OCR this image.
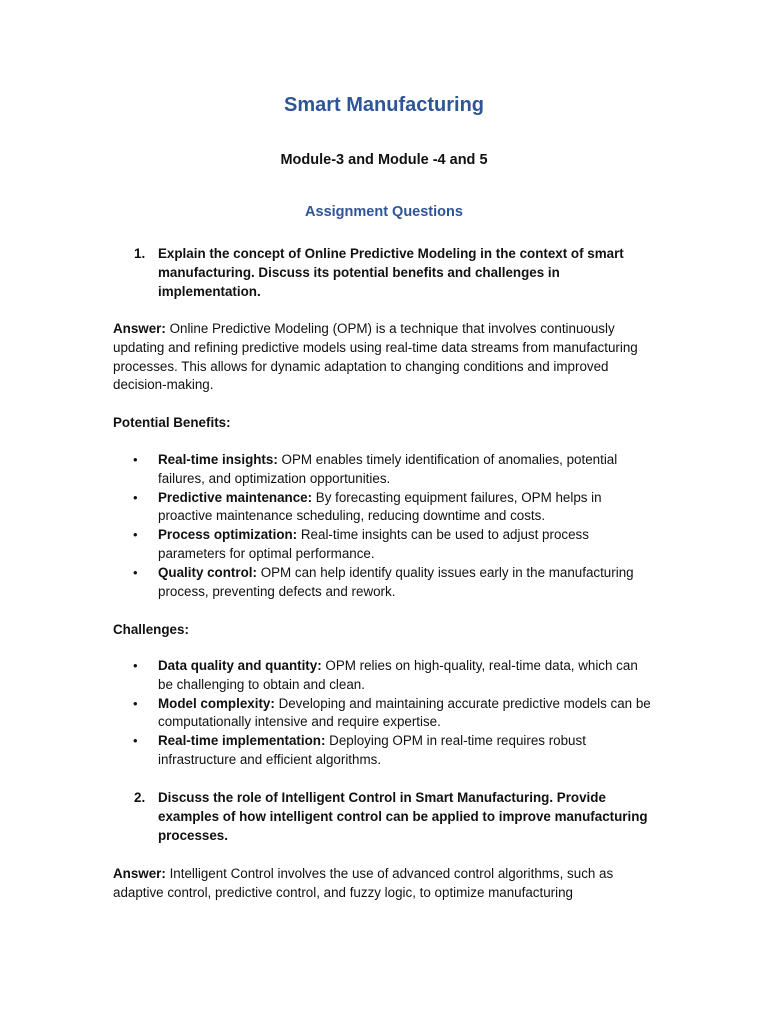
Smart Manufacturing
Module-3 and Module -4 and 5
Assignment Questions
1. Explain the concept of Online Predictive Modeling in the context of smart manufacturing. Discuss its potential benefits and challenges in implementation.
Answer: Online Predictive Modeling (OPM) is a technique that involves continuously updating and refining predictive models using real-time data streams from manufacturing processes. This allows for dynamic adaptation to changing conditions and improved decision-making.
Potential Benefits:
• Real-time insights: OPM enables timely identification of anomalies, potential failures, and optimization opportunities.
• Predictive maintenance: By forecasting equipment failures, OPM helps in proactive maintenance scheduling, reducing downtime and costs.
• Process optimization: Real-time insights can be used to adjust process parameters for optimal performance.
• Quality control: OPM can help identify quality issues early in the manufacturing process, preventing defects and rework.
Challenges:
• Data quality and quantity: OPM relies on high-quality, real-time data, which can be challenging to obtain and clean.
• Model complexity: Developing and maintaining accurate predictive models can be computationally intensive and require expertise.
• Real-time implementation: Deploying OPM in real-time requires robust infrastructure and efficient algorithms.
2. Discuss the role of Intelligent Control in Smart Manufacturing. Provide examples of how intelligent control can be applied to improve manufacturing processes.
Answer: Intelligent Control involves the use of advanced control algorithms, such as adaptive control, predictive control, and fuzzy logic, to optimize manufacturing
